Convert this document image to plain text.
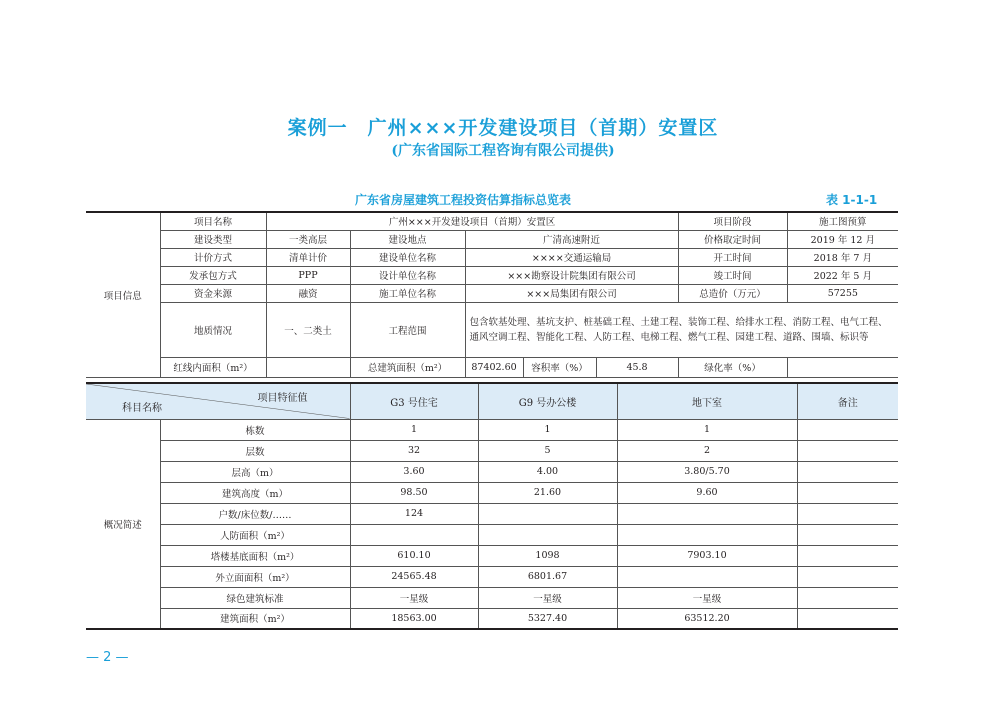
案例一　广州×××开发建设项目（首期）安置区
(广东省国际工程咨询有限公司提供)
广东省房屋建筑工程投资估算指标总览表	表 1-1-1
项目信息	项目名称	广州×××开发建设项目（首期）安置区					项目阶段	施工图预算
	建设类型	一类高层	建设地点	广清高速附近			价格取定时间	2019 年 12 月
	计价方式	清单计价	建设单位名称	××××交通运输局			开工时间	2018 年 7 月
	发承包方式	PPP	设计单位名称	×××勘察设计院集团有限公司			竣工时间	2022 年 5 月
	资金来源	融资	施工单位名称	×××局集团有限公司			总造价（万元）	57255
	地质情况	一、二类土	工程范围	包含软基处理、基坑支护、桩基础工程、土建工程、装饰工程、给排水工程、消防工程、电气工程、通风空调工程、智能化工程、人防工程、电梯工程、燃气工程、园建工程、道路、围墙、标识等				
	红线内面积（m²）		总建筑面积（m²）	87402.60	容积率（%）	45.8	绿化率（%）	
项目特征值
科目名称		G3 号住宅	G9 号办公楼	地下室	备注
概况简述	栋数	1	1	1	
	层数	32	5	2	
	层高（m）	3.60	4.00	3.80/5.70	
	建筑高度（m）	98.50	21.60	9.60	
	户数/床位数/……	124			
	人防面积（m²）				
	塔楼基底面积（m²）	610.10	1098	7903.10	
	外立面面积（m²）	24565.48	6801.67		
	绿色建筑标准	一星级	一星级	一星级	
	建筑面积（m²）	18563.00	5327.40	63512.20	
— 2 —
